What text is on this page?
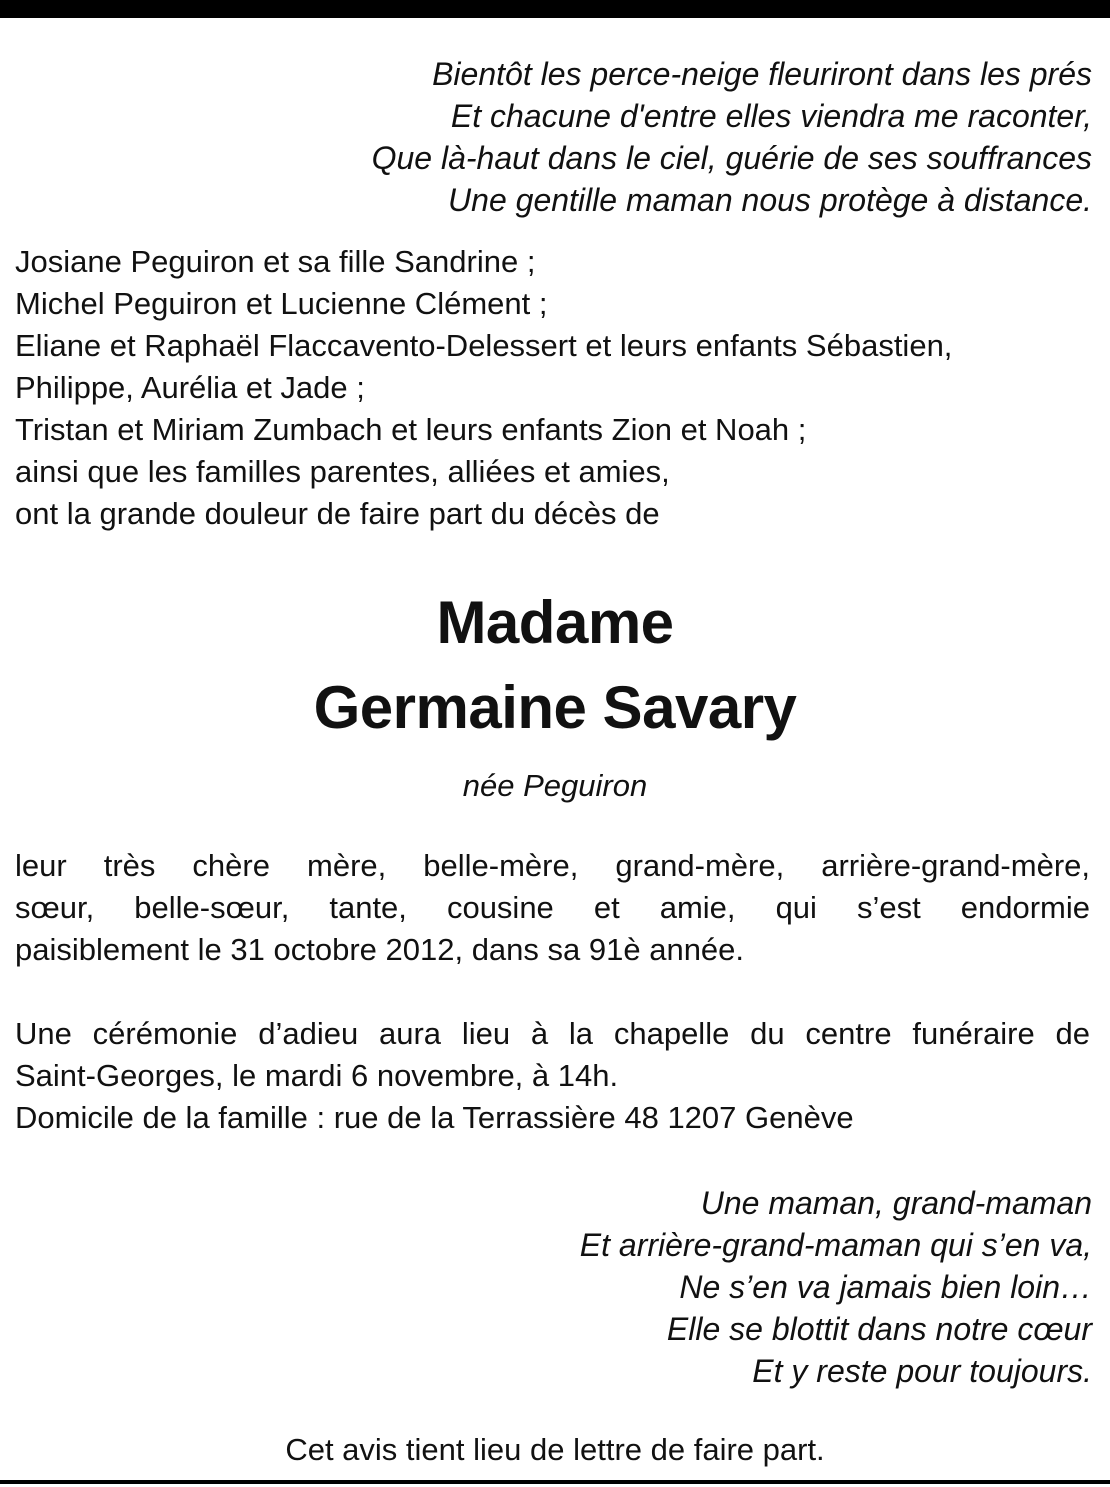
Bientôt les perce-neige fleuriront dans les prés
Et chacune d'entre elles viendra me raconter,
Que là-haut dans le ciel, guérie de ses souffrances
Une gentille maman nous protège à distance.
Josiane Peguiron et sa fille Sandrine ;
Michel Peguiron et Lucienne Clément ;
Eliane et Raphaël Flaccavento-Delessert et leurs enfants Sébastien,
Philippe, Aurélia et Jade ;
Tristan et Miriam Zumbach et leurs enfants Zion et Noah ;
ainsi que les familles parentes, alliées et amies,
ont la grande douleur de faire part du décès de
Madame
Germaine Savary
née Peguiron
leur très chère mère, belle-mère, grand-mère, arrière-grand-mère,
sœur, belle-sœur, tante, cousine et amie, qui s’est endormie
paisiblement le 31 octobre 2012, dans sa 91è année.
Une cérémonie d’adieu aura lieu à la chapelle du centre funéraire de
Saint-Georges, le mardi 6 novembre, à 14h.
Domicile de la famille : rue de la Terrassière 48 1207 Genève
Une maman, grand-maman
Et arrière-grand-maman qui s’en va,
Ne s’en va jamais bien loin…
Elle se blottit dans notre cœur
Et y reste pour toujours.
Cet avis tient lieu de lettre de faire part.
